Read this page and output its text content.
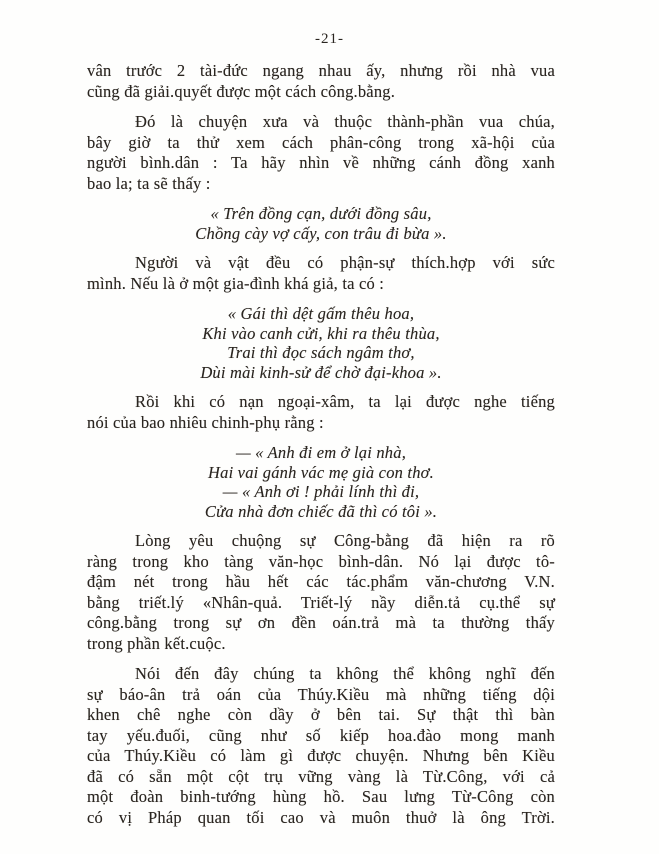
-21-
vân trước 2 tài-đức ngang nhau ấy, nhưng rồi nhà vua
cũng đã giải.quyết được một cách công.bằng.
Đó là chuyện xưa và thuộc thành-phần vua chúa,
bây giờ ta thử xem cách phân-công trong xã-hội của
người bình.dân : Ta hãy nhìn về những cánh đồng xanh
bao la; ta sẽ thấy :
« Trên đồng cạn, dưới đồng sâu,
Chồng cày vợ cấy, con trâu đi bừa ».
Người và vật đều có phận-sự thích.hợp với sức
mình. Nếu là ở một gia-đình khá giả, ta có :
« Gái thì dệt gấm thêu hoa,
Khi vào canh cửi, khi ra thêu thùa,
Trai thì đọc sách ngâm thơ,
Dùi mài kinh-sử để chờ đại-khoa ».
Rồi khi có nạn ngoại-xâm, ta lại được nghe tiếng
nói của bao nhiêu chinh-phụ rằng :
— « Anh đi em ở lại nhà,
Hai vai gánh vác mẹ già con thơ.
— « Anh ơi ! phải lính thì đi,
Cửa nhà đơn chiếc đã thì có tôi ».
Lòng yêu chuộng sự Công-bằng đã hiện ra rõ
ràng trong kho tàng văn-học bình-dân. Nó lại được tô-
đậm nét trong hầu hết các tác.phẩm văn-chương V.N.
bằng triết.lý «Nhân-quả. Triết-lý nầy diễn.tả cụ.thể sự
công.bằng trong sự ơn đền oán.trả mà ta thường thấy
trong phần kết.cuộc.
Nói đến đây chúng ta không thể không nghĩ đến
sự báo-ân trả oán của Thúy.Kiều mà những tiếng dội
khen chê nghe còn dầy ở bên tai. Sự thật thì bàn
tay yếu.đuối, cũng như số kiếp hoa.đào mong manh
của Thúy.Kiều có làm gì được chuyện. Nhưng bên Kiều
đã có sẵn một cột trụ vững vàng là Từ.Công, với cả
một đoàn binh-tướng hùng hồ. Sau lưng Từ-Công còn
có vị Pháp quan tối cao và muôn thuở là ông Trời.
